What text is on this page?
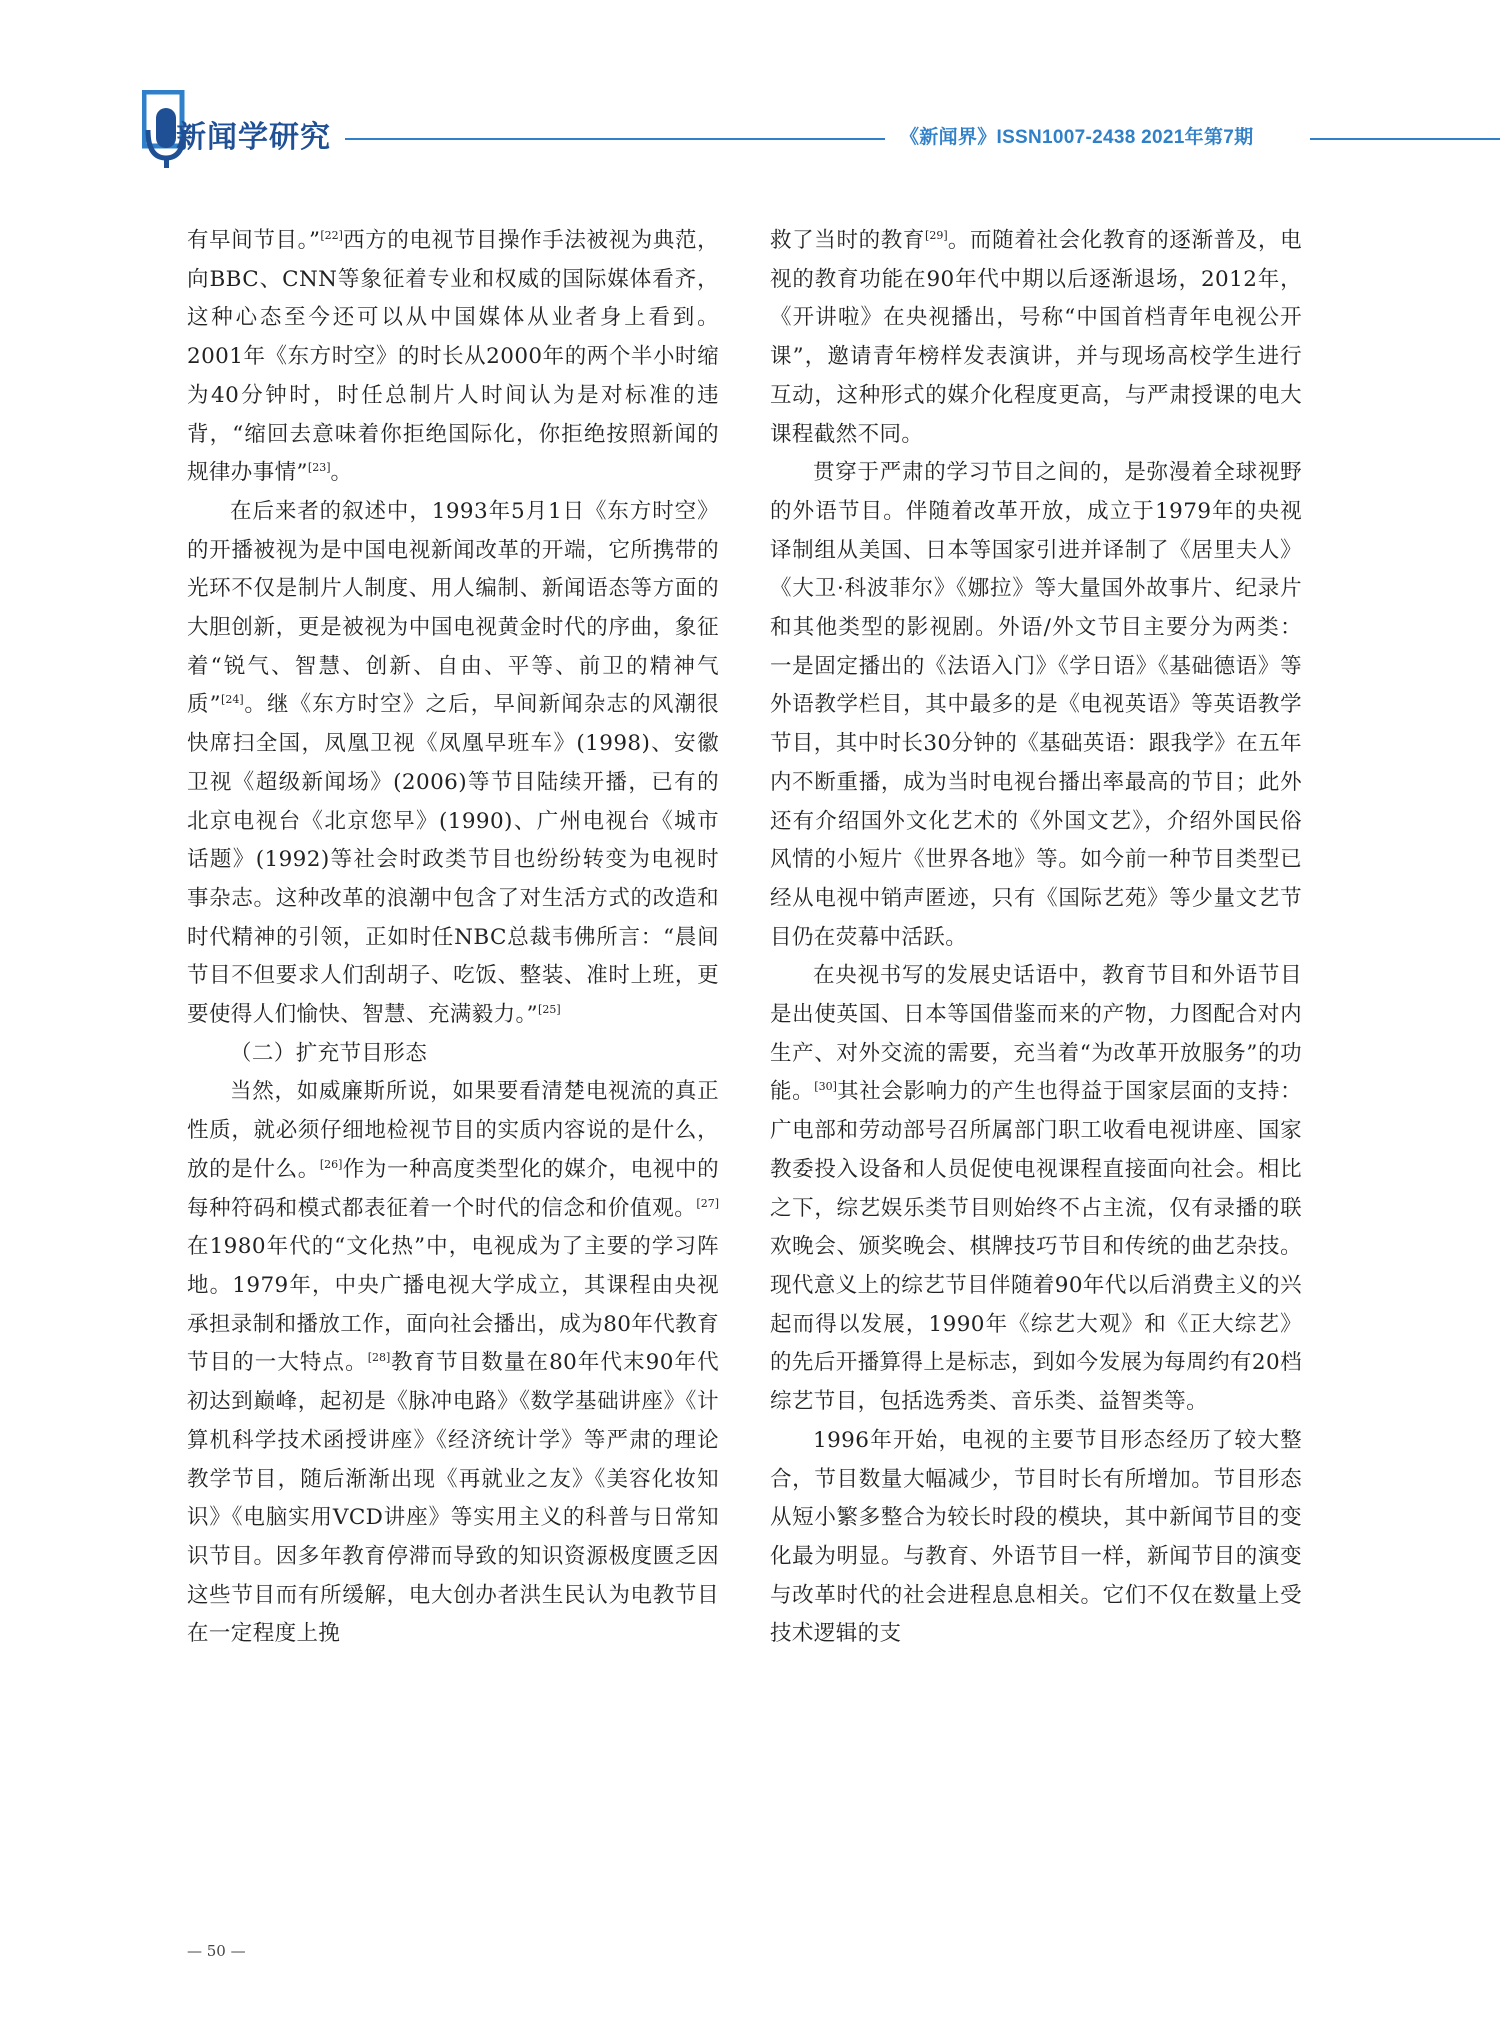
新闻学研究	《新闻界》ISSN1007-2438 2021年第7期

有早间节目。”[22]西方的电视节目操作手法被视为典范，向BBC、CNN等象征着专业和权威的国际媒体看齐，这种心态至今还可以从中国媒体从业者身上看到。2001年《东方时空》的时长从2000年的两个半小时缩为40分钟时，时任总制片人时间认为是对标准的违背，“缩回去意味着你拒绝国际化，你拒绝按照新闻的规律办事情”[23]。

在后来者的叙述中，1993年5月1日《东方时空》的开播被视为是中国电视新闻改革的开端，它所携带的光环不仅是制片人制度、用人编制、新闻语态等方面的大胆创新，更是被视为中国电视黄金时代的序曲，象征着“锐气、智慧、创新、自由、平等、前卫的精神气质”[24]。继《东方时空》之后，早间新闻杂志的风潮很快席扫全国，凤凰卫视《凤凰早班车》(1998)、安徽卫视《超级新闻场》(2006)等节目陆续开播，已有的北京电视台《北京您早》(1990)、广州电视台《城市话题》(1992)等社会时政类节目也纷纷转变为电视时事杂志。这种改革的浪潮中包含了对生活方式的改造和时代精神的引领，正如时任NBC总裁韦佛所言：“晨间节目不但要求人们刮胡子、吃饭、整装、准时上班，更要使得人们愉快、智慧、充满毅力。”[25]

（二）扩充节目形态

当然，如威廉斯所说，如果要看清楚电视流的真正性质，就必须仔细地检视节目的实质内容说的是什么，放的是什么。[26]作为一种高度类型化的媒介，电视中的每种符码和模式都表征着一个时代的信念和价值观。[27]在1980年代的“文化热”中，电视成为了主要的学习阵地。1979年，中央广播电视大学成立，其课程由央视承担录制和播放工作，面向社会播出，成为80年代教育节目的一大特点。[28]教育节目数量在80年代末90年代初达到巅峰，起初是《脉冲电路》《数学基础讲座》《计算机科学技术函授讲座》《经济统计学》等严肃的理论教学节目，随后渐渐出现《再就业之友》《美容化妆知识》《电脑实用VCD讲座》等实用主义的科普与日常知识节目。因多年教育停滞而导致的知识资源极度匮乏因这些节目而有所缓解，电大创办者洪生民认为电教节目在一定程度上挽

救了当时的教育[29]。而随着社会化教育的逐渐普及，电视的教育功能在90年代中期以后逐渐退场，2012年，《开讲啦》在央视播出，号称“中国首档青年电视公开课”，邀请青年榜样发表演讲，并与现场高校学生进行互动，这种形式的媒介化程度更高，与严肃授课的电大课程截然不同。

贯穿于严肃的学习节目之间的，是弥漫着全球视野的外语节目。伴随着改革开放，成立于1979年的央视译制组从美国、日本等国家引进并译制了《居里夫人》《大卫·科波菲尔》《娜拉》等大量国外故事片、纪录片和其他类型的影视剧。外语/外文节目主要分为两类：一是固定播出的《法语入门》《学日语》《基础德语》等外语教学栏目，其中最多的是《电视英语》等英语教学节目，其中时长30分钟的《基础英语：跟我学》在五年内不断重播，成为当时电视台播出率最高的节目；此外还有介绍国外文化艺术的《外国文艺》，介绍外国民俗风情的小短片《世界各地》等。如今前一种节目类型已经从电视中销声匿迹，只有《国际艺苑》等少量文艺节目仍在荧幕中活跃。

在央视书写的发展史话语中，教育节目和外语节目是出使英国、日本等国借鉴而来的产物，力图配合对内生产、对外交流的需要，充当着“为改革开放服务”的功能。[30]其社会影响力的产生也得益于国家层面的支持：广电部和劳动部号召所属部门职工收看电视讲座、国家教委投入设备和人员促使电视课程直接面向社会。相比之下，综艺娱乐类节目则始终不占主流，仅有录播的联欢晚会、颁奖晚会、棋牌技巧节目和传统的曲艺杂技。现代意义上的综艺节目伴随着90年代以后消费主义的兴起而得以发展，1990年《综艺大观》和《正大综艺》的先后开播算得上是标志，到如今发展为每周约有20档综艺节目，包括选秀类、音乐类、益智类等。

1996年开始，电视的主要节目形态经历了较大整合，节目数量大幅减少，节目时长有所增加。节目形态从短小繁多整合为较长时段的模块，其中新闻节目的变化最为明显。与教育、外语节目一样，新闻节目的演变与改革时代的社会进程息息相关。它们不仅在数量上受技术逻辑的支

— 50 —
